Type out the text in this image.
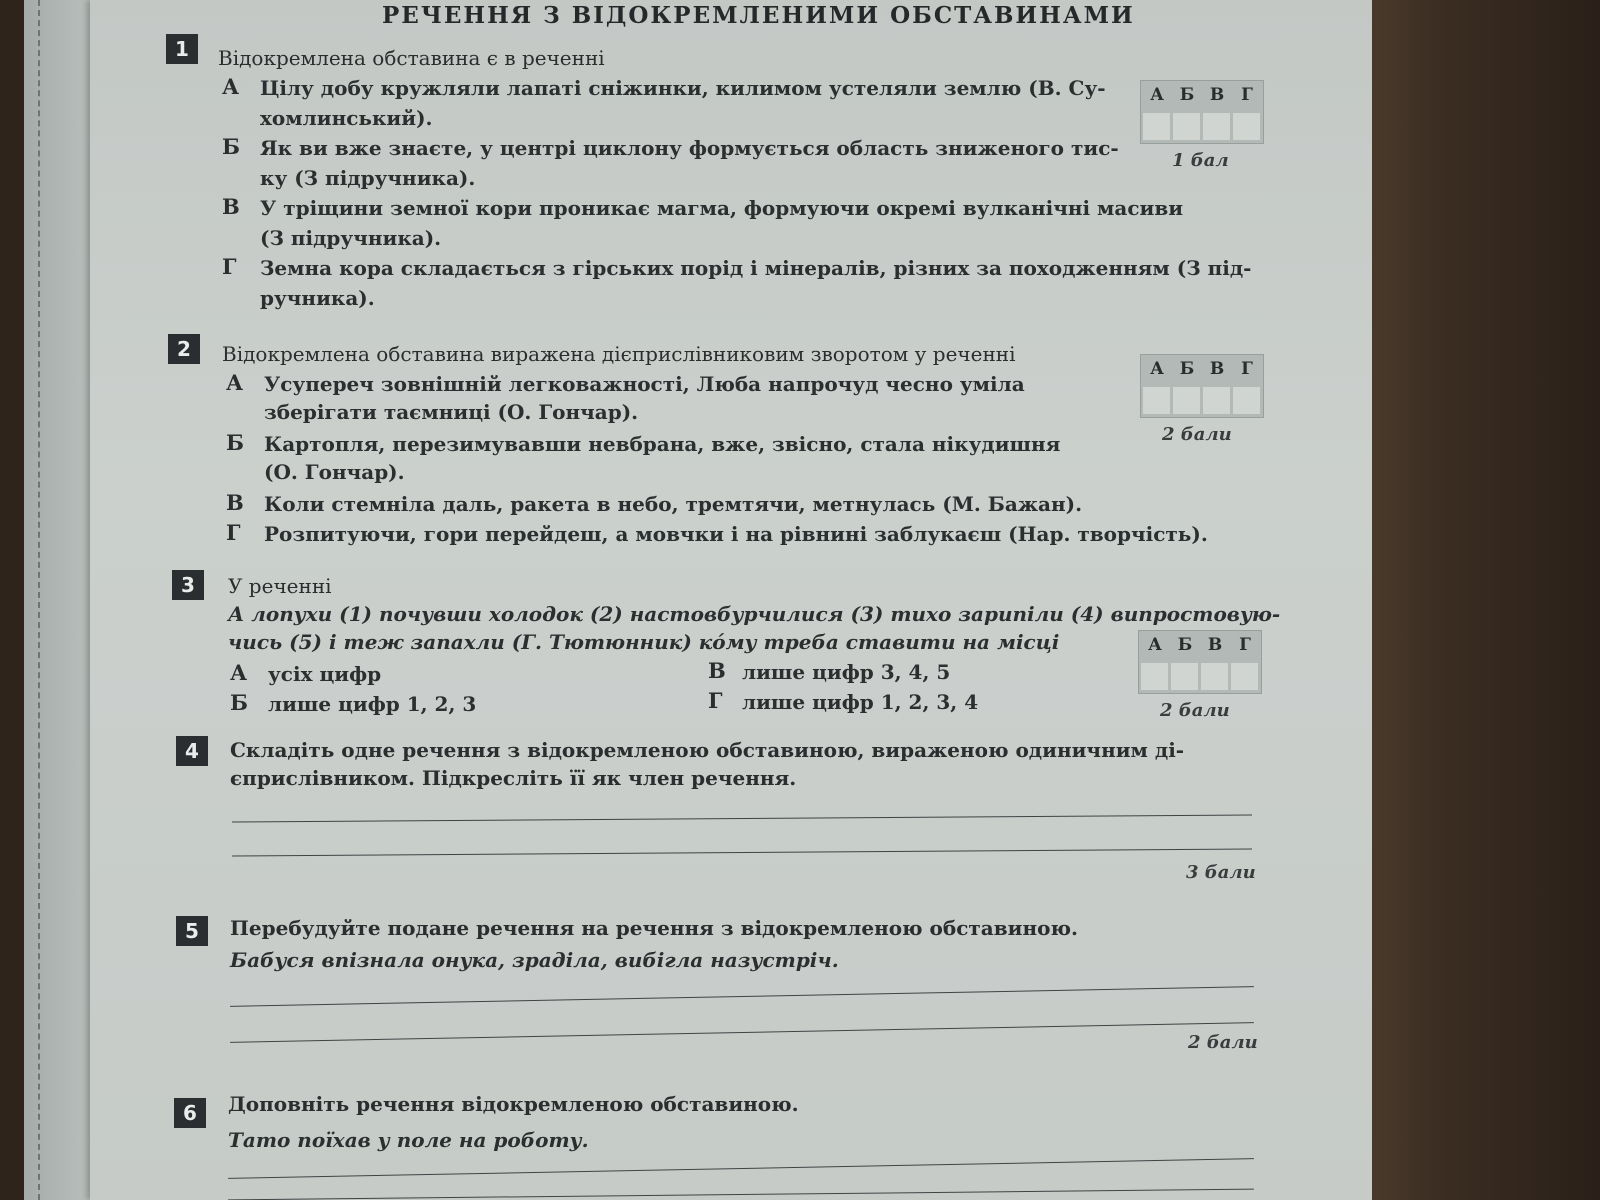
РЕЧЕННЯ З ВІДОКРЕМЛЕНИМИ ОБСТАВИНАМИ
1	Відокремлена обставина є в реченні
А Цілу добу кружляли лапаті сніжинки, килимом устеляли землю (В. Су-
хомлинський).
Б Як ви вже знаєте, у центрі циклону формується область зниженого тис-
ку (З підручника).
В У тріщини земної кори проникає магма, формуючи окремі вулканічні масиви
(З підручника).
Г Земна кора складається з гірських порід і мінералів, різних за походженням (З під-
ручника).
А Б В Г
1 бал
2	Відокремлена обставина виражена дієприслівниковим зворотом у реченні
А Усупереч зовнішній легковажності, Люба напрочуд чесно уміла
зберігати таємниці (О. Гончар).
Б Картопля, перезимувавши невбрана, вже, звісно, стала нікудишня
(О. Гончар).
В Коли стемніла даль, ракета в небо, тремтячи, метнулась (М. Бажан).
Г Розпитуючи, гори перейдеш, а мовчки і на рівнині заблукаєш (Нар. творчість).
А Б В Г
2 бали
3	У реченні
А лопухи (1) почувши холодок (2) настовбурчилися (3) тихо зарипіли (4) випростовую-
чись (5) і теж запахли (Г. Тютюнник) кóму треба ставити на місці
А усіх цифр
Б лише цифр 1, 2, 3
В лише цифр 3, 4, 5
Г лише цифр 1, 2, 3, 4
А Б В Г
2 бали
4	Складіть одне речення з відокремленою обставиною, вираженою одиничним ді-
єприслівником. Підкресліть її як член речення.
3 бали
5	Перебудуйте подане речення на речення з відокремленою обставиною.
Бабуся впізнала онука, зраділа, вибігла назустріч.
2 бали
6	Доповніть речення відокремленою обставиною.
Тато поїхав у поле на роботу.
